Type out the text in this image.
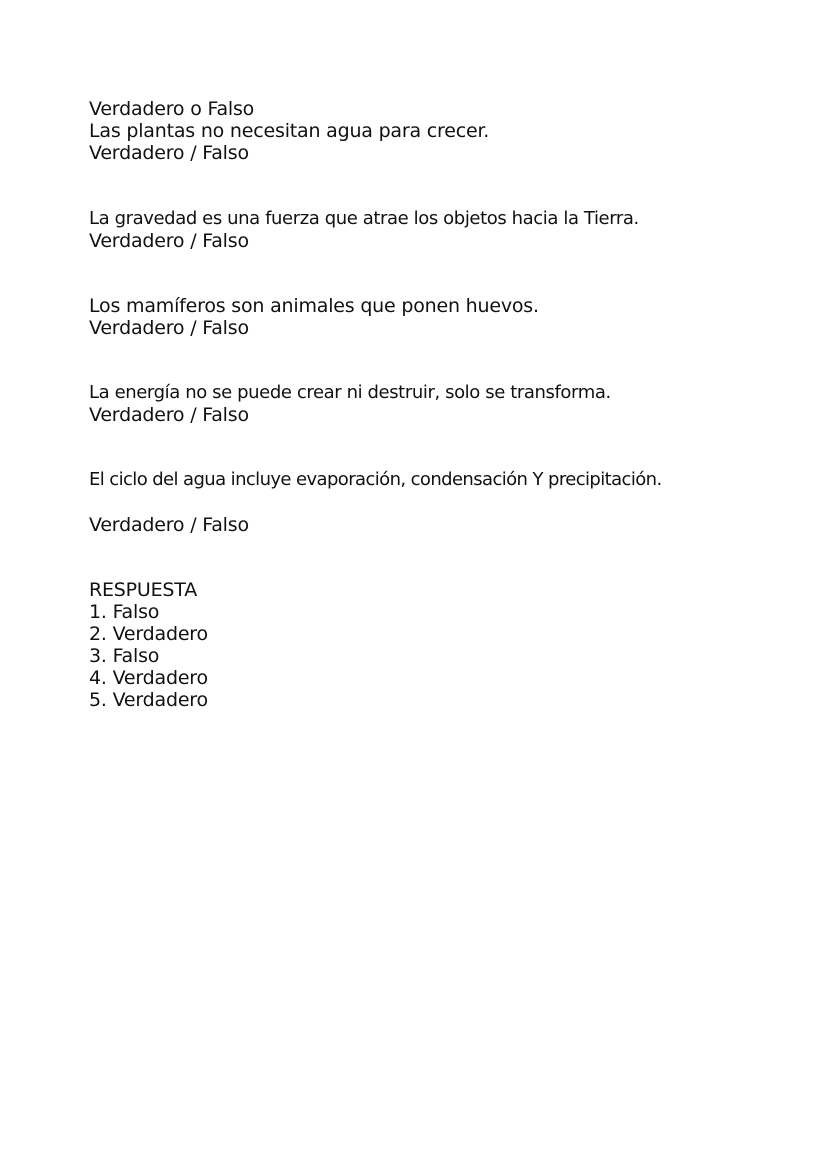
Verdadero o Falso
Las plantas no necesitan agua para crecer.
Verdadero / Falso
La gravedad es una fuerza que atrae los objetos hacia la Tierra.
Verdadero / Falso
Los mamíferos son animales que ponen huevos.
Verdadero / Falso
La energía no se puede crear ni destruir, solo se transforma.
Verdadero / Falso
El ciclo del agua incluye evaporación, condensación Y precipitación.
Verdadero / Falso
RESPUESTA
1. Falso
2. Verdadero
3. Falso
4. Verdadero
5. Verdadero
